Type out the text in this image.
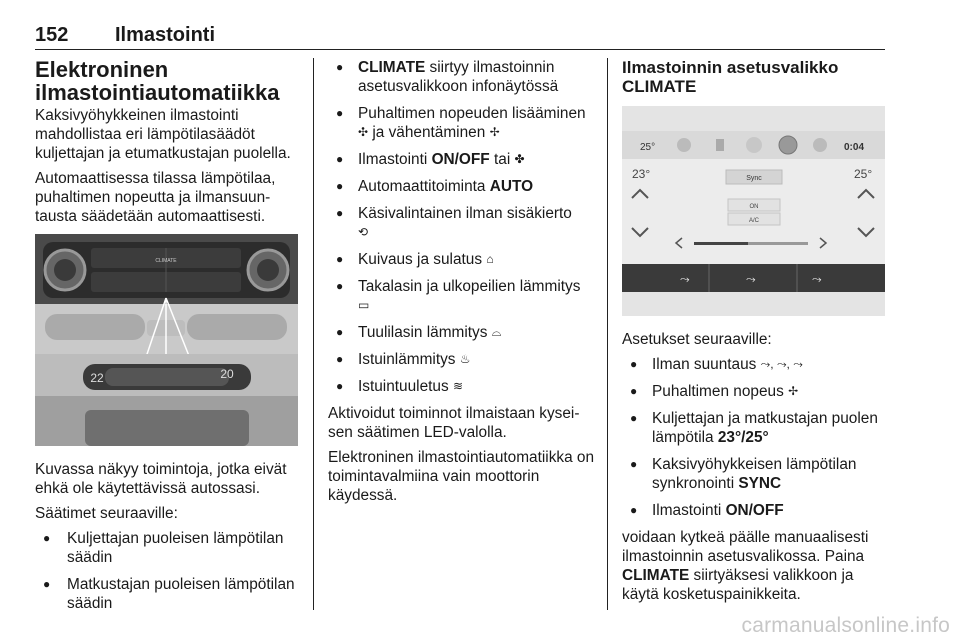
152 Ilmastointi
Elektroninen ilmastointiautomatiikka

Kaksivyöhykkeinen ilmastointi mahdollistaa eri lämpötilasäädöt kuljettajan ja etumatkustajan puolella.

Automaattisessa tilassa lämpötilaa, puhaltimen nopeutta ja ilmansuuntausta säädetään automaattisesti.

CLIMATE
22	20

Kuvassa näkyy toimintoja, jotka eivät ehkä ole käytettävissä autossasi.

Säätimet seuraaville:

● Kuljettajan puoleisen lämpötilan säädin
● Matkustajan puoleisen lämpötilan säädin
● CLIMATE siirtyy ilmastoinnin asetusvalikkoon infonäytössä
● Puhaltimen nopeuden lisääminen ✣ ja vähentäminen ✢
● Ilmastointi ON/OFF tai ✤
● Automaattitoiminta AUTO
● Käsivalintainen ilman sisäkierto
⟲
● Kuivaus ja sulatus ⌂
● Takalasin ja ulkopeilien lämmitys
▭
● Tuulilasin lämmitys ⌓
● Istuinlämmitys ♨
● Istuintuuletus ≋

Aktivoidut toiminnot ilmaistaan kyseisen säätimen LED-valolla.

Elektroninen ilmastointiautomatiikka on toimintavalmiina vain moottorin käydessä.

Ilmastoinnin asetusvalikko CLIMATE
25°	0:04
23°	25°
Sync
ON
A/C
⤳	⤳	⤳

Asetukset seuraaville:

● Ilman suuntaus ⤳, ⤳, ⤳
● Puhaltimen nopeus ✢
● Kuljettajan ja matkustajan puolen lämpötila 23°/25°
● Kaksivyöhykkeisen lämpötilan synkronointi SYNC
● Ilmastointi ON/OFF

voidaan kytkeä päälle manuaalisesti ilmastoinnin asetusvalikossa. Paina CLIMATE siirtyäksesi valikkoon ja käytä kosketuspainikkeita.

carmanualsonline.info
